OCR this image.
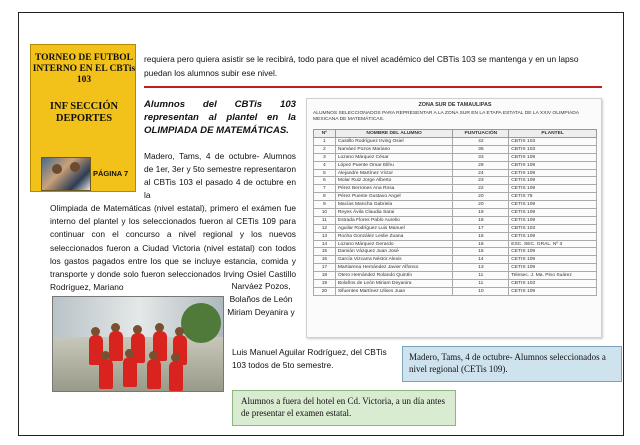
TORNEO DE FUTBOL INTERNO EN EL CBTis 103
INF SECCIÓN DEPORTES
PÁGINA 7
requiera pero quiera asistir se le recibirá, todo para que el nivel académico del CBTis 103 se mantenga y en un lapso puedan los alumnos subir ese nivel.
Alumnos del CBTis 103 representan al plantel en la OLIMPIADA DE MATEMÁTICAS.
Madero, Tams, 4 de octubre- Alumnos de 1er, 3er y 5to semestre representaron al CBTis 103 el pasado 4 de octubre en la
Olimpiada de Matemáticas (nivel estatal), primero el exámen fue interno del plantel y los seleccionados fueron al CETis 109 para continuar con el concurso a nivel regional y los nuevos seleccionados fueron a Ciudad Victoria (nivel estatal) con todos los gastos pagados entre los que se incluye estancia, comida y transporte y donde solo fueron seleccionados Irving Osiel Castillo Rodríguez, Mariano	Narváez Pozos, Bolaños de León Miriam Deyanira y
Luis Manuel Aguilar Rodríguez, del CBTis 103 todos de 5to semestre.
ZONA SUR DE TAMAULIPAS
ALUMNOS SELECCIONADOS PARA REPRESENTAR A LA ZONA SUR EN LA ETAPA ESTATAL DE LA XXIV OLIMPIADA MEXICANA DE MATEMÁTICAS.
Nº	NOMBRE DEL ALUMNO	PUNTUACIÓN	PLANTEL
1	Castillo Rodríguez Irving Osiel	42	CBTIS 103
2	Narváez Pozos Mariano	36	CBTIS 103
3	Lozano Márquez César	33	CBTIS 109
4	López Puente Omar Elihu	29	CBTIS 109
5	Alejandre Martínez Víctor	24	CETIS 109
6	Molar Ruiz Jorge Alberto	23	CETIS 109
7	Pérez Berrones Ana Rosa	22	CETIS 109
8	Pérez Puente Gustavo Angel	20	CETIS 78
9	Macías Mancha Gabriela	20	CETIS 109
10	Reyes Ávila Claudia Sarai	19	CETIS 109
11	Estrada Flores Pablo Aurelio	18	CETIS 109
12	Aguilar Rodríguez Luis Manuel	17	CBTIS 103
13	Rocha González Leslie Zuana	16	CETIS 109
14	Lozano Márquez Gerardo	16	ESC. SEC. GRAL. Nº 3
15	Damián Vázquez Juan José	15	CETIS 109
16	García Vizcarra Néstor Alexis	14	CETIS 109
17	Martiarena Hernández Javier Alfonso	13	CETIS 109
18	Otero Hernández Rolando Quintín	11	Telesec. J. Ma. Pino Suárez
19	Bolaños de León Miriam Deyanira	11	CBTIS 103
20	Sifuentes Martínez Ulises Juan	10	CETIS 109
Madero, Tams, 4 de octubre- Alumnos seleccionados a nivel regional (CETis 109).
Alumnos a fuera del hotel en Cd. Victoria, a un día antes de presentar el examen estatal.
